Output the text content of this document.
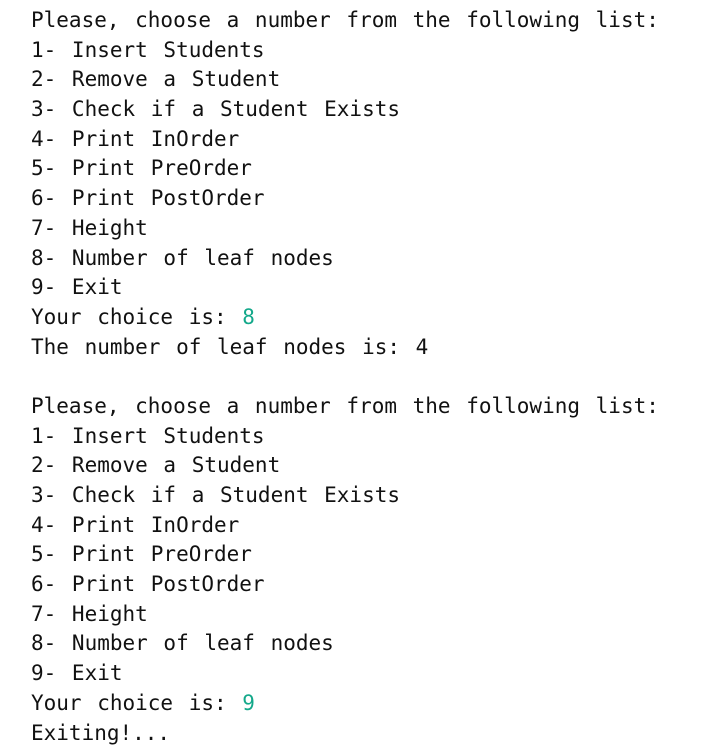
Please, choose a number from the following list:
1- Insert Students
2- Remove a Student
3- Check if a Student Exists
4- Print InOrder
5- Print PreOrder
6- Print PostOrder
7- Height
8- Number of leaf nodes
9- Exit
Your choice is: 8
The number of leaf nodes is: 4
Please, choose a number from the following list:
1- Insert Students
2- Remove a Student
3- Check if a Student Exists
4- Print InOrder
5- Print PreOrder
6- Print PostOrder
7- Height
8- Number of leaf nodes
9- Exit
Your choice is: 9
Exiting!...
